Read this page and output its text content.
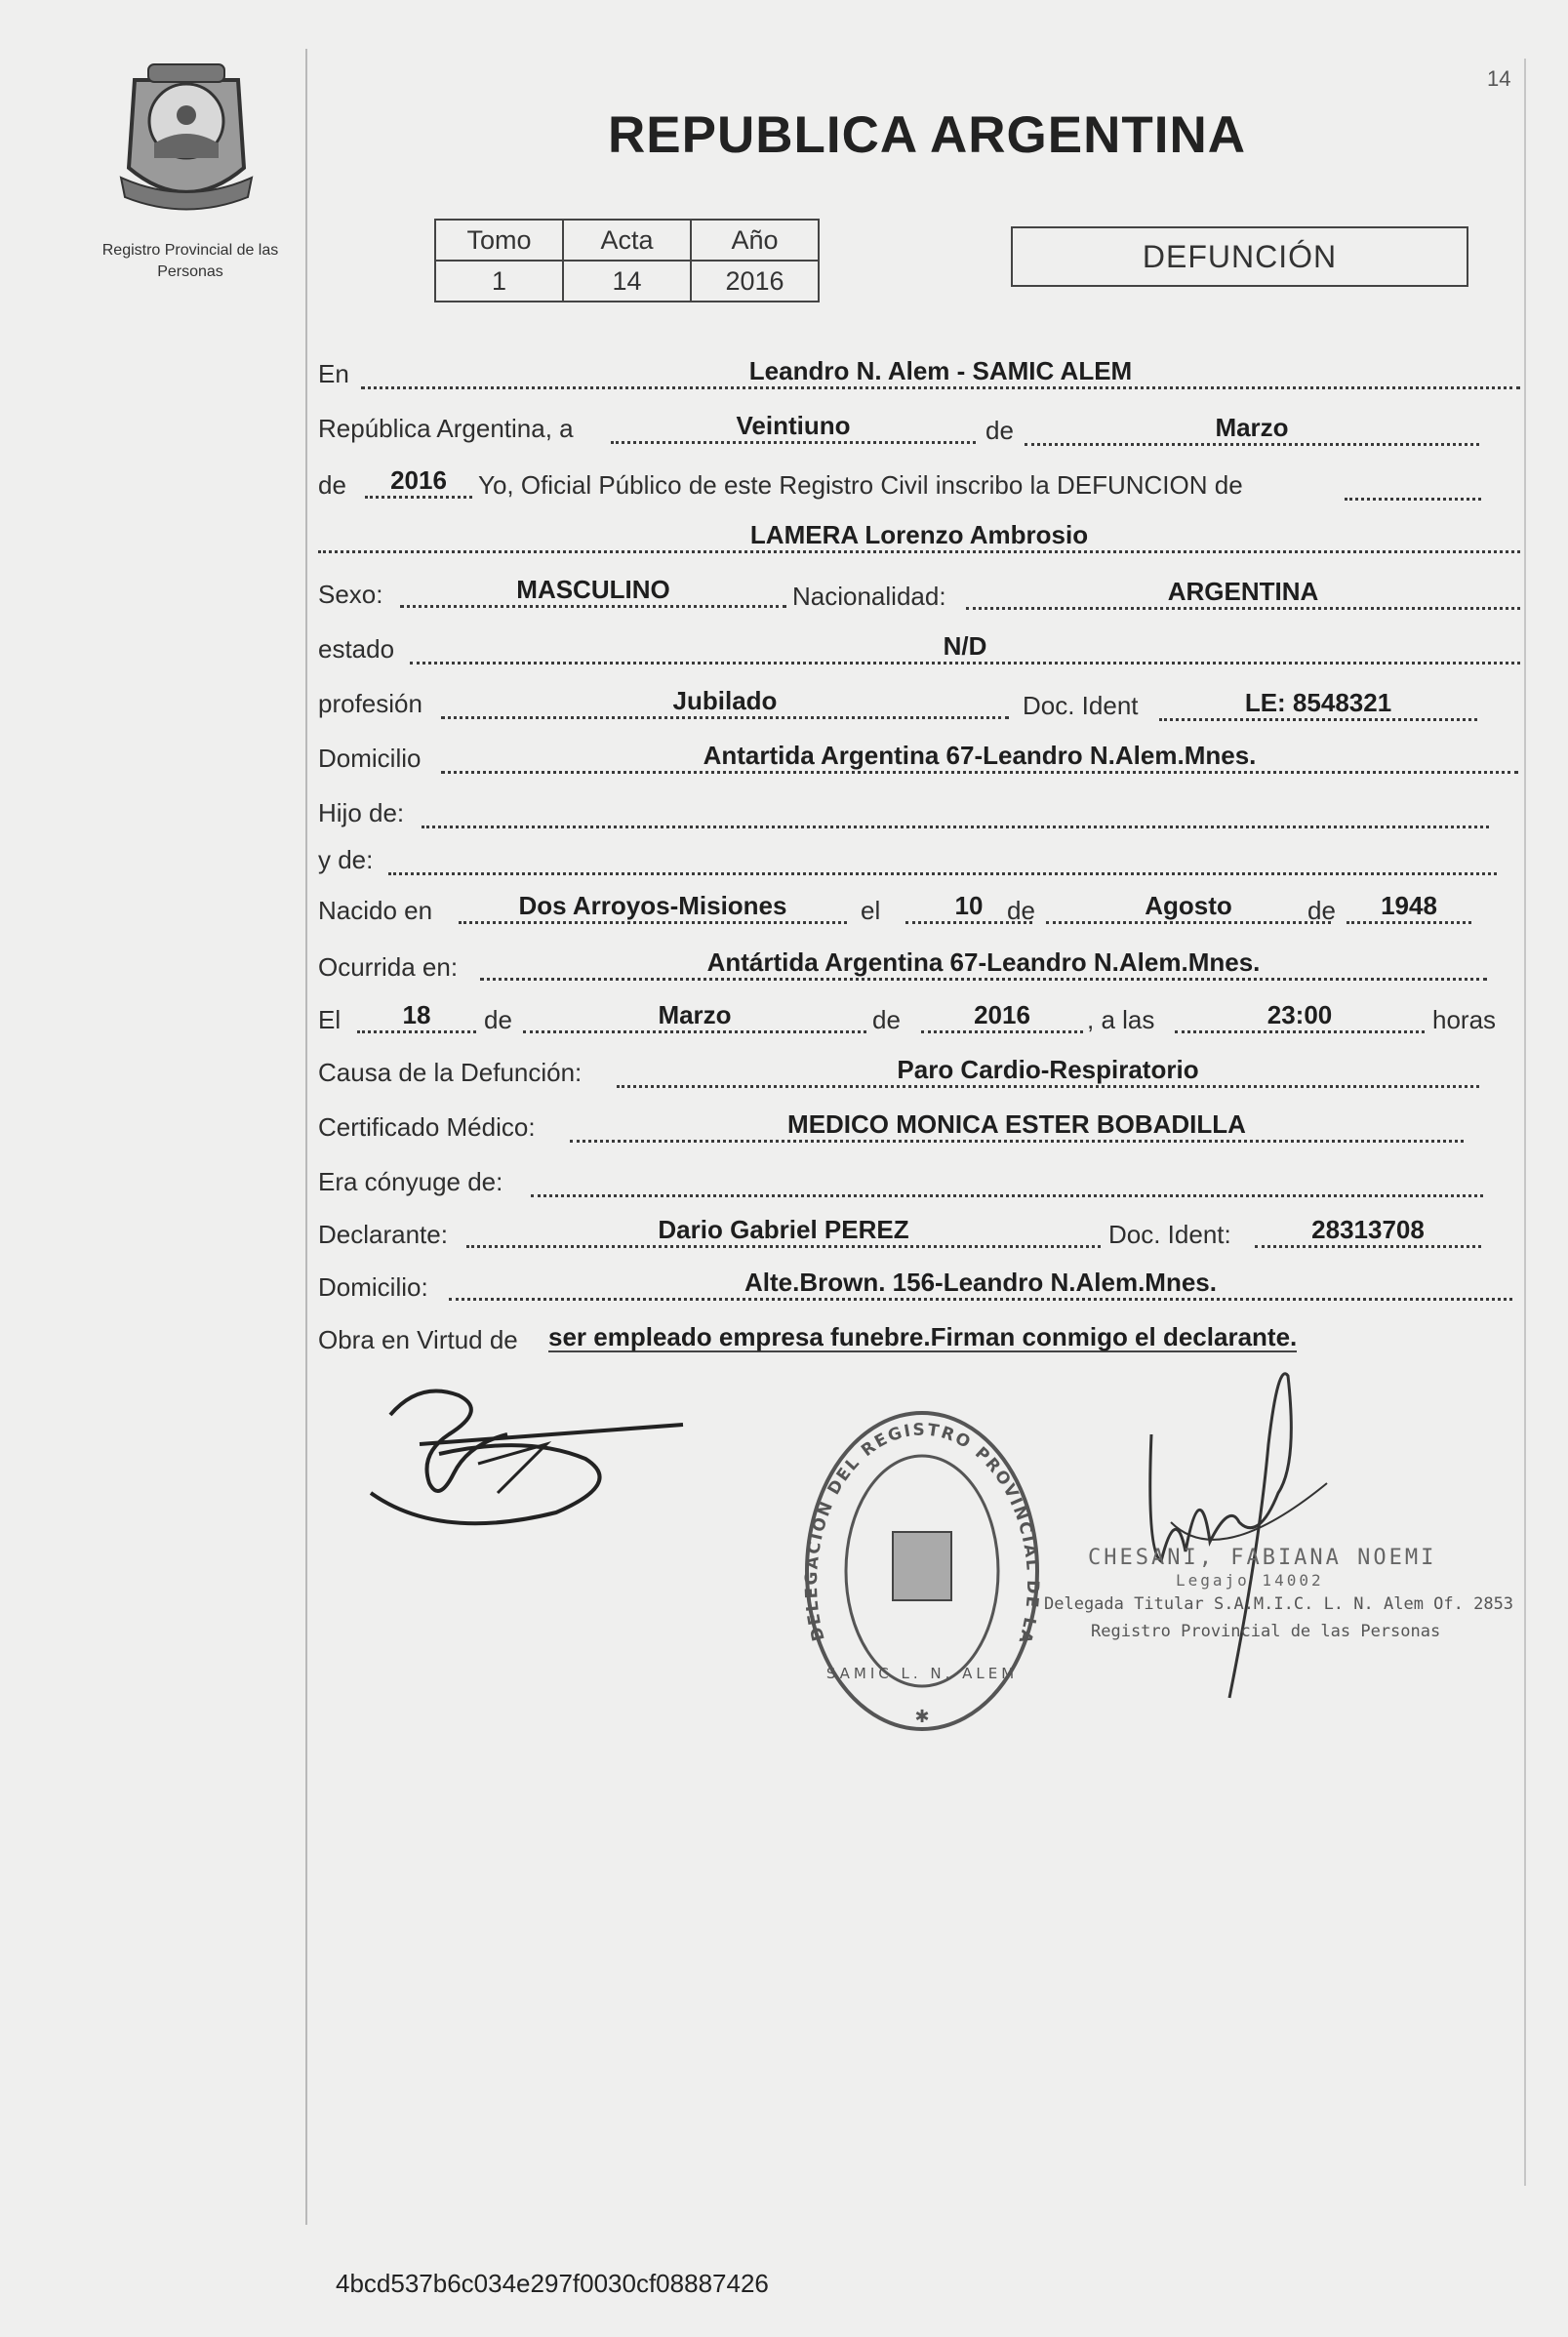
14
Registro Provincial de las Personas
REPUBLICA ARGENTINA
Tomo	Acta	Año
1	14	2016
DEFUNCIÓN
En	Leandro N. Alem - SAMIC ALEM
República Argentina, a	Veintiuno	de	Marzo
de	2016	Yo, Oficial Público de este Registro Civil inscribo la DEFUNCION de
LAMERA Lorenzo Ambrosio
Sexo:	MASCULINO	Nacionalidad:	ARGENTINA
estado	N/D
profesión	Jubilado	Doc. Ident	LE: 8548321
Domicilio	Antartida Argentina 67-Leandro N.Alem.Mnes.
Hijo de:
y de:
Nacido en	Dos Arroyos-Misiones	el	10 de	Agosto	de	1948
Ocurrida en:	Antártida Argentina 67-Leandro N.Alem.Mnes.
El	18	de	Marzo	de	2016	, a las	23:00	horas
Causa de la Defunción:	Paro Cardio-Respiratorio
Certificado Médico:	MEDICO MONICA ESTER BOBADILLA
Era cónyuge de:
Declarante:	Dario Gabriel PEREZ	Doc. Ident:	28313708
Domicilio:	Alte.Brown. 156-Leandro N.Alem.Mnes.
Obra en Virtud de ser empleado empresa funebre.Firman conmigo el declarante.
DELEGACION DEL REGISTRO PROVINCIAL DE LAS PERSONAS
SAMIC L. N. ALEM
✱
CHESANI, FABIANA NOEMI
Legajo 14002
Delegada Titular S.A.M.I.C. L. N. Alem Of. 2853
Registro Provincial de las Personas
4bcd537b6c034e297f0030cf08887426
